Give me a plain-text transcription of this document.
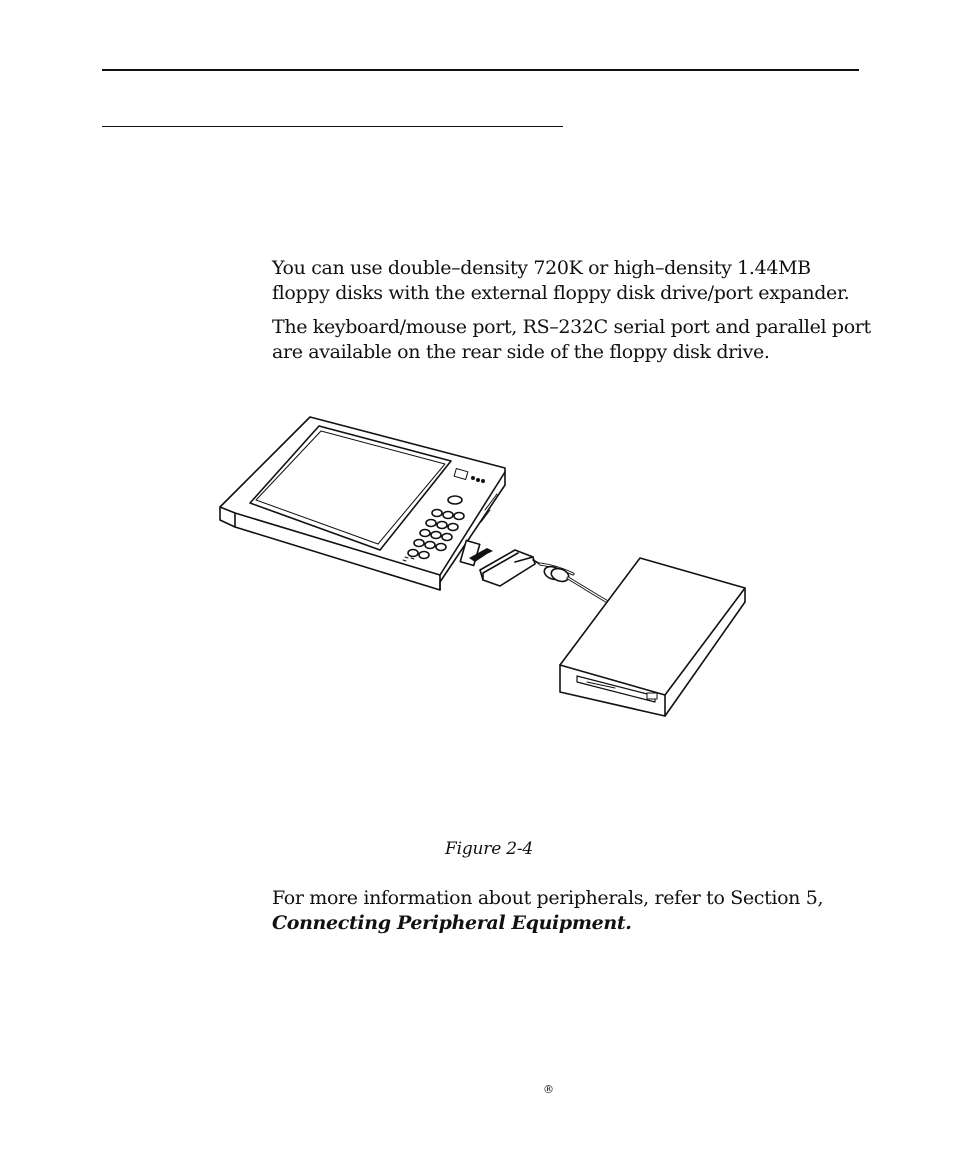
You can use double–density 720K or high–density 1.44MB floppy disks with the external floppy disk drive/port expander.

The keyboard/mouse port, RS–232C serial port and parallel port are available on the rear side of the floppy disk drive.

Figure 2-4

For more information about peripherals, refer to Section 5, Connecting Peripheral Equipment.

®
